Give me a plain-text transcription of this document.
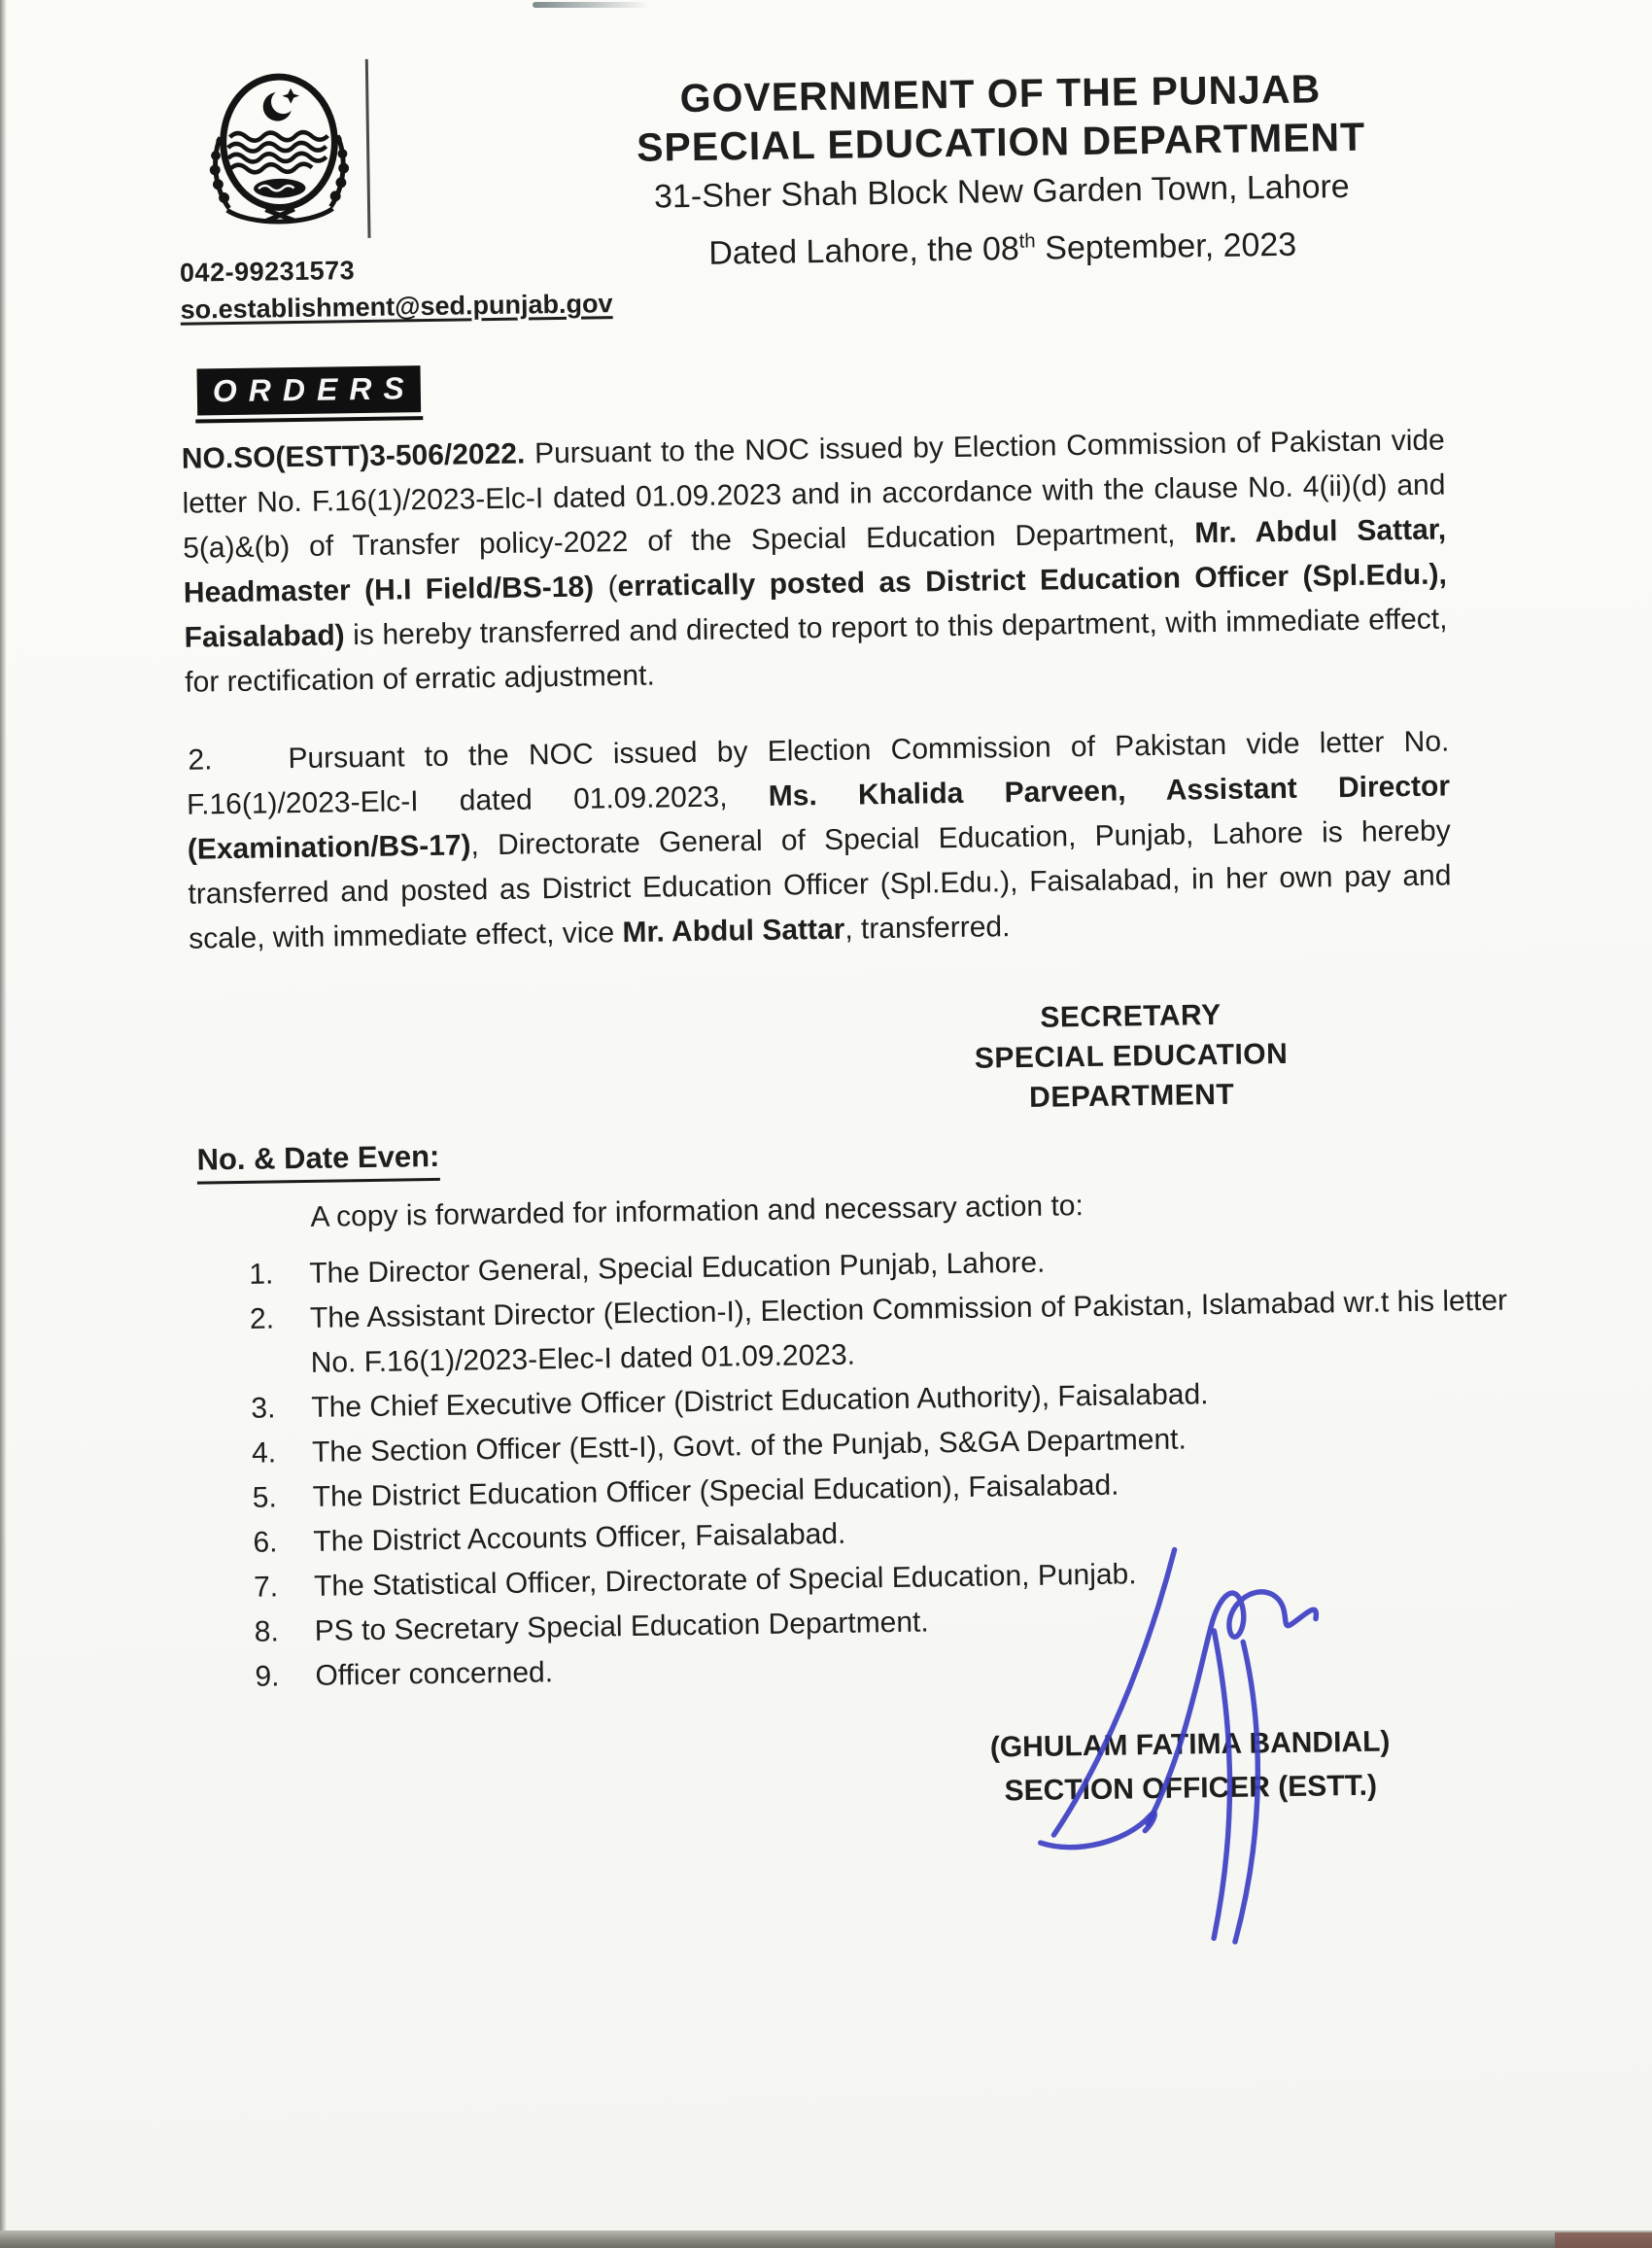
GOVERNMENT OF THE PUNJAB
SPECIAL EDUCATION DEPARTMENT
31-Sher Shah Block New Garden Town, Lahore
Dated Lahore, the 08th September, 2023
042-99231573
so.establishment@sed.punjab.gov
ORDERS
NO.SO(ESTT)3-506/2022. Pursuant to the NOC issued by Election Commission of Pakistan vide letter No. F.16(1)/2023-Elc-I dated 01.09.2023 and in accordance with the clause No. 4(ii)(d) and 5(a)&(b) of Transfer policy-2022 of the Special Education Department, Mr. Abdul Sattar, Headmaster (H.I Field/BS-18) (erratically posted as District Education Officer (Spl.Edu.), Faisalabad) is hereby transferred and directed to report to this department, with immediate effect, for rectification of erratic adjustment.
2.	Pursuant to the NOC issued by Election Commission of Pakistan vide letter No. F.16(1)/2023-Elc-I dated 01.09.2023, Ms. Khalida Parveen, Assistant Director (Examination/BS-17), Directorate General of Special Education, Punjab, Lahore is hereby transferred and posted as District Education Officer (Spl.Edu.), Faisalabad, in her own pay and scale, with immediate effect, vice Mr. Abdul Sattar, transferred.
SECRETARY
SPECIAL EDUCATION
DEPARTMENT
No. & Date Even:
A copy is forwarded for information and necessary action to:
1.	The Director General, Special Education Punjab, Lahore.
2.	The Assistant Director (Election-I), Election Commission of Pakistan, Islamabad wr.t his letter No. F.16(1)/2023-Elec-I dated 01.09.2023.
3.	The Chief Executive Officer (District Education Authority), Faisalabad.
4.	The Section Officer (Estt-I), Govt. of the Punjab, S&GA Department.
5.	The District Education Officer (Special Education), Faisalabad.
6.	The District Accounts Officer, Faisalabad.
7.	The Statistical Officer, Directorate of Special Education, Punjab.
8.	PS to Secretary Special Education Department.
9.	Officer concerned.
(GHULAM FATIMA BANDIAL)
SECTION OFFICER (ESTT.)
